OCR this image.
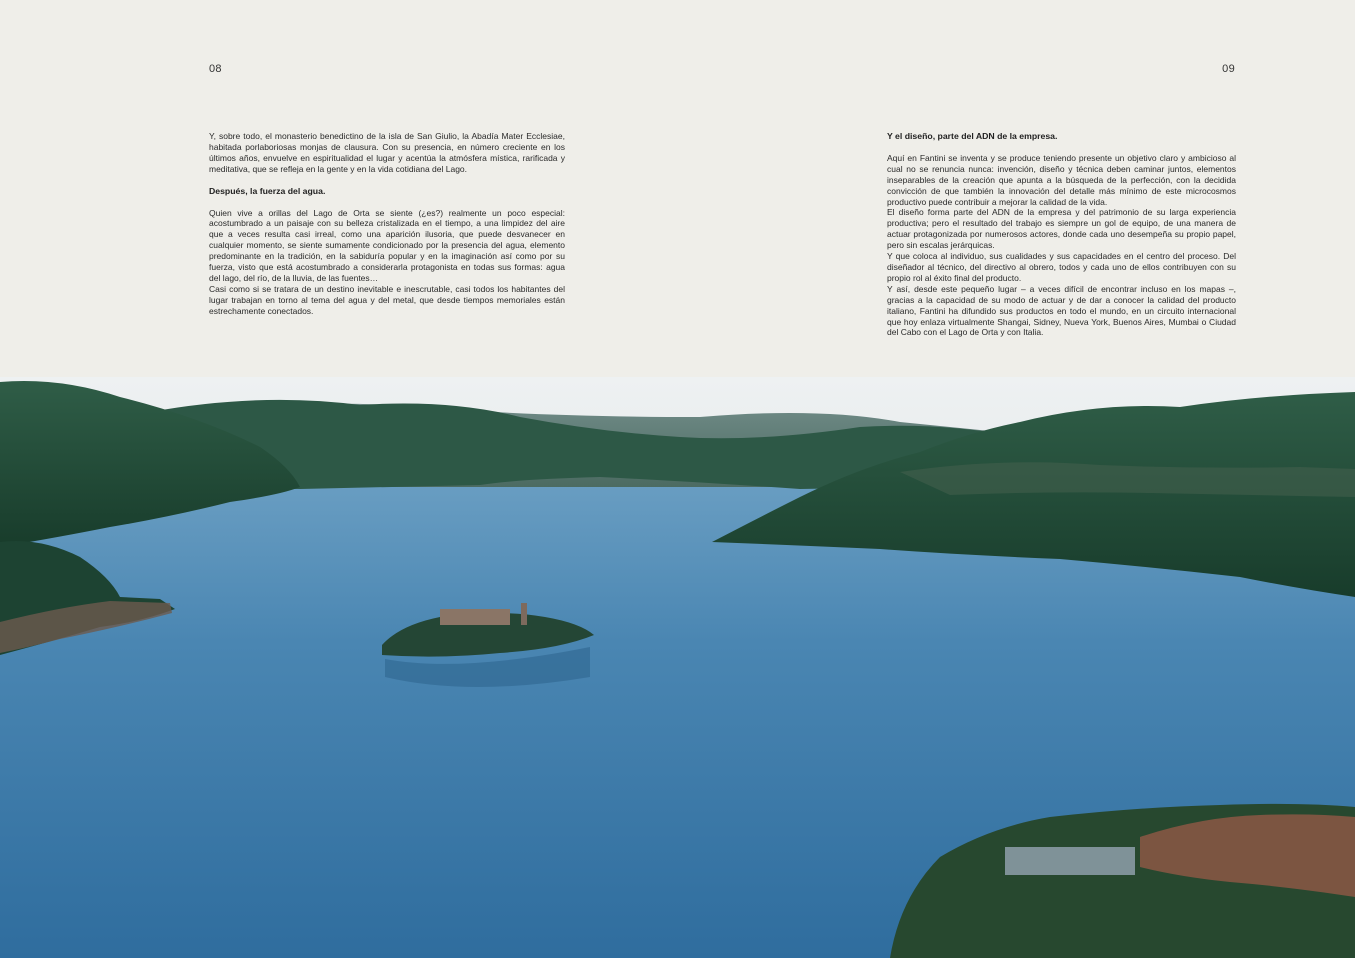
08	09

Y, sobre todo, el monasterio benedictino de la isla de San Giulio, la Abadía Mater Ecclesiae, habitada porlaboriosas monjas de clausura. Con su presencia, en número creciente en los últimos años, envuelve en espiritualidad el lugar y acentúa la atmósfera mística, rarificada y meditativa, que se refleja en la gente y en la vida cotidiana del Lago.

Después, la fuerza del agua.

Quien vive a orillas del Lago de Orta se siente (¿es?) realmente un poco especial: acostumbrado a un paisaje con su belleza cristalizada en el tiempo, a una limpidez del aire que a veces resulta casi irreal, como una aparición ilusoria, que puede desvanecer en cualquier momento, se siente sumamente condicionado por la presencia del agua, elemento predominante en la tradición, en la sabiduría popular y en la imaginación así como por su fuerza, visto que está acostumbrado a considerarla protagonista en todas sus formas: agua del lago, del río, de la lluvia, de las fuentes…

Casi como si se tratara de un destino inevitable e inescrutable, casi todos los habitantes del lugar trabajan en torno al tema del agua y del metal, que desde tiempos memoriales están estrechamente conectados.

Y el diseño, parte del ADN de la empresa.

Aquí en Fantini se inventa y se produce teniendo presente un objetivo claro y ambicioso al cual no se renuncia nunca: invención, diseño y técnica deben caminar juntos, elementos inseparables de la creación que apunta a la búsqueda de la perfección, con la decidida convicción de que también la innovación del detalle más mínimo de este microcosmos productivo puede contribuir a mejorar la calidad de la vida.

El diseño forma parte del ADN de la empresa y del patrimonio de su larga experiencia productiva; pero el resultado del trabajo es siempre un gol de equipo, de una manera de actuar protagonizada por numerosos actores, donde cada uno desempeña su propio papel, pero sin escalas jerárquicas.

Y que coloca al individuo, sus cualidades y sus capacidades en el centro del proceso. Del diseñador al técnico, del directivo al obrero, todos y cada uno de ellos contribuyen con su propio rol al éxito final del producto.

Y así, desde este pequeño lugar – a veces difícil de encontrar incluso en los mapas –, gracias a la capacidad de su modo de actuar y de dar a conocer la calidad del producto italiano, Fantini ha difundido sus productos en todo el mundo, en un circuito internacional que hoy enlaza virtualmente Shangai, Sidney, Nueva York, Buenos Aires, Mumbai o Ciudad del Cabo con el Lago de Orta y con Italia.
